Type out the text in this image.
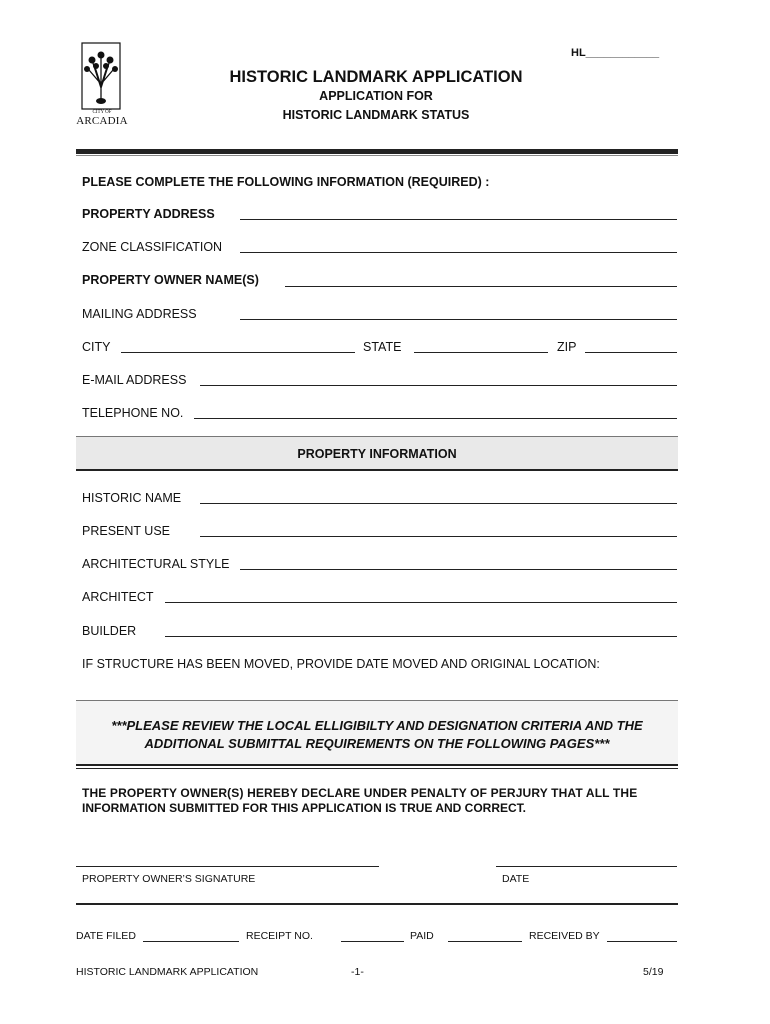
CITY OF
ARCADIA
HL____________
HISTORIC LANDMARK APPLICATION
APPLICATION FOR
HISTORIC LANDMARK STATUS
PLEASE COMPLETE THE FOLLOWING INFORMATION (REQUIRED) :
PROPERTY ADDRESS
ZONE CLASSIFICATION
PROPERTY OWNER NAME(S)
MAILING ADDRESS
CITY	STATE	ZIP
E-MAIL ADDRESS
TELEPHONE NO.
PROPERTY INFORMATION
HISTORIC NAME
PRESENT USE
ARCHITECTURAL STYLE
ARCHITECT
BUILDER
IF STRUCTURE HAS BEEN MOVED, PROVIDE DATE MOVED AND ORIGINAL LOCATION:
***PLEASE REVIEW THE LOCAL ELLIGIBILTY AND DESIGNATION CRITERIA AND THE
ADDITIONAL SUBMITTAL REQUIREMENTS ON THE FOLLOWING PAGES***
THE PROPERTY OWNER(S) HEREBY DECLARE UNDER PENALTY OF PERJURY THAT ALL THE
INFORMATION SUBMITTED FOR THIS APPLICATION IS TRUE AND CORRECT.
PROPERTY OWNER’S SIGNATURE	DATE
DATE FILED	RECEIPT NO.	PAID	RECEIVED BY
HISTORIC LANDMARK APPLICATION	-1-	5/19
